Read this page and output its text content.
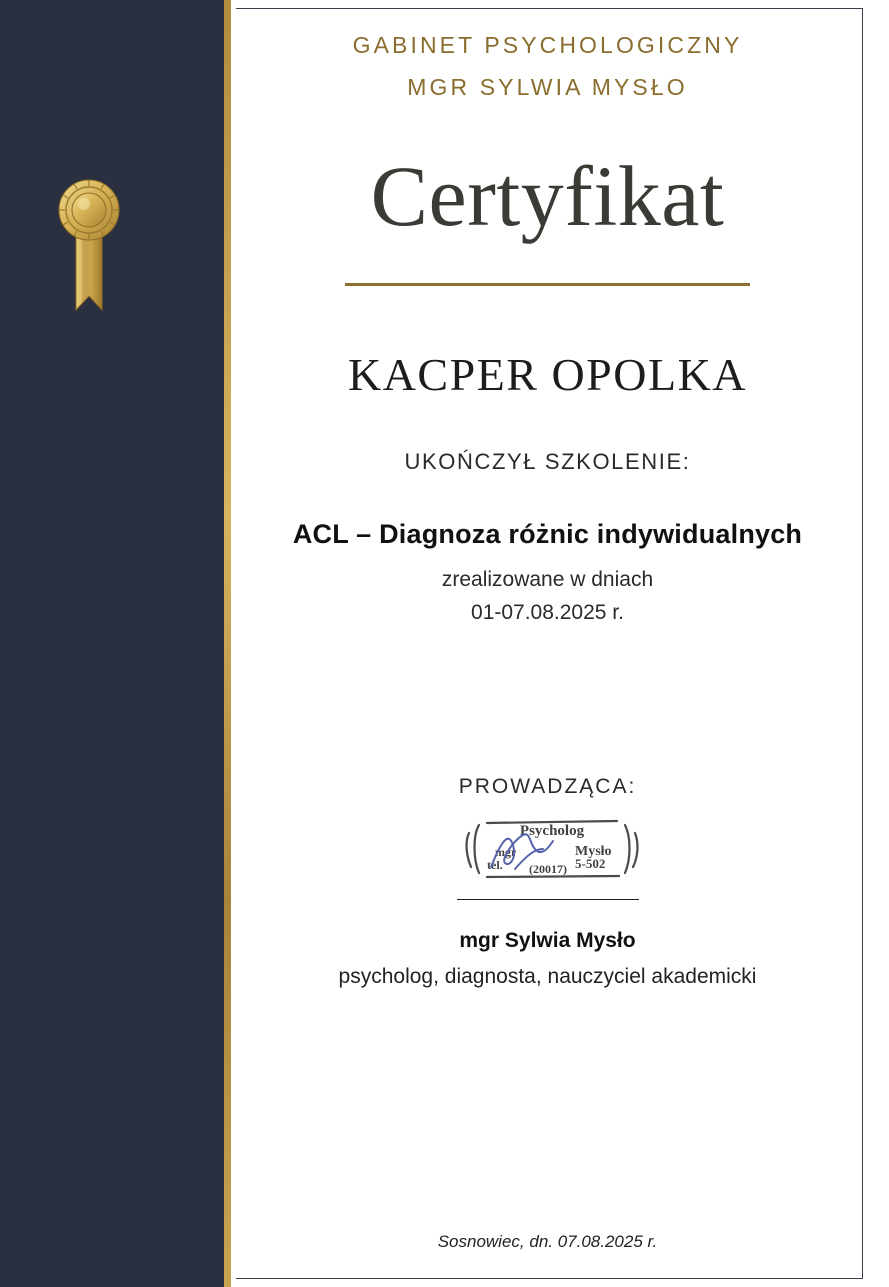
GABINET PSYCHOLOGICZNY
MGR SYLWIA MYSŁO
Certyfikat
KACPER OPOLKA
UKOŃCZYŁ SZKOLENIE:
ACL – Diagnoza różnic indywidualnych
zrealizowane w dniach
01-07.08.2025 r.
PROWADZĄCA:
Psycholog
mgr	Mysło
tel.	5-502
(20017)
mgr Sylwia Mysło
psycholog, diagnosta, nauczyciel akademicki
Sosnowiec, dn. 07.08.2025 r.
